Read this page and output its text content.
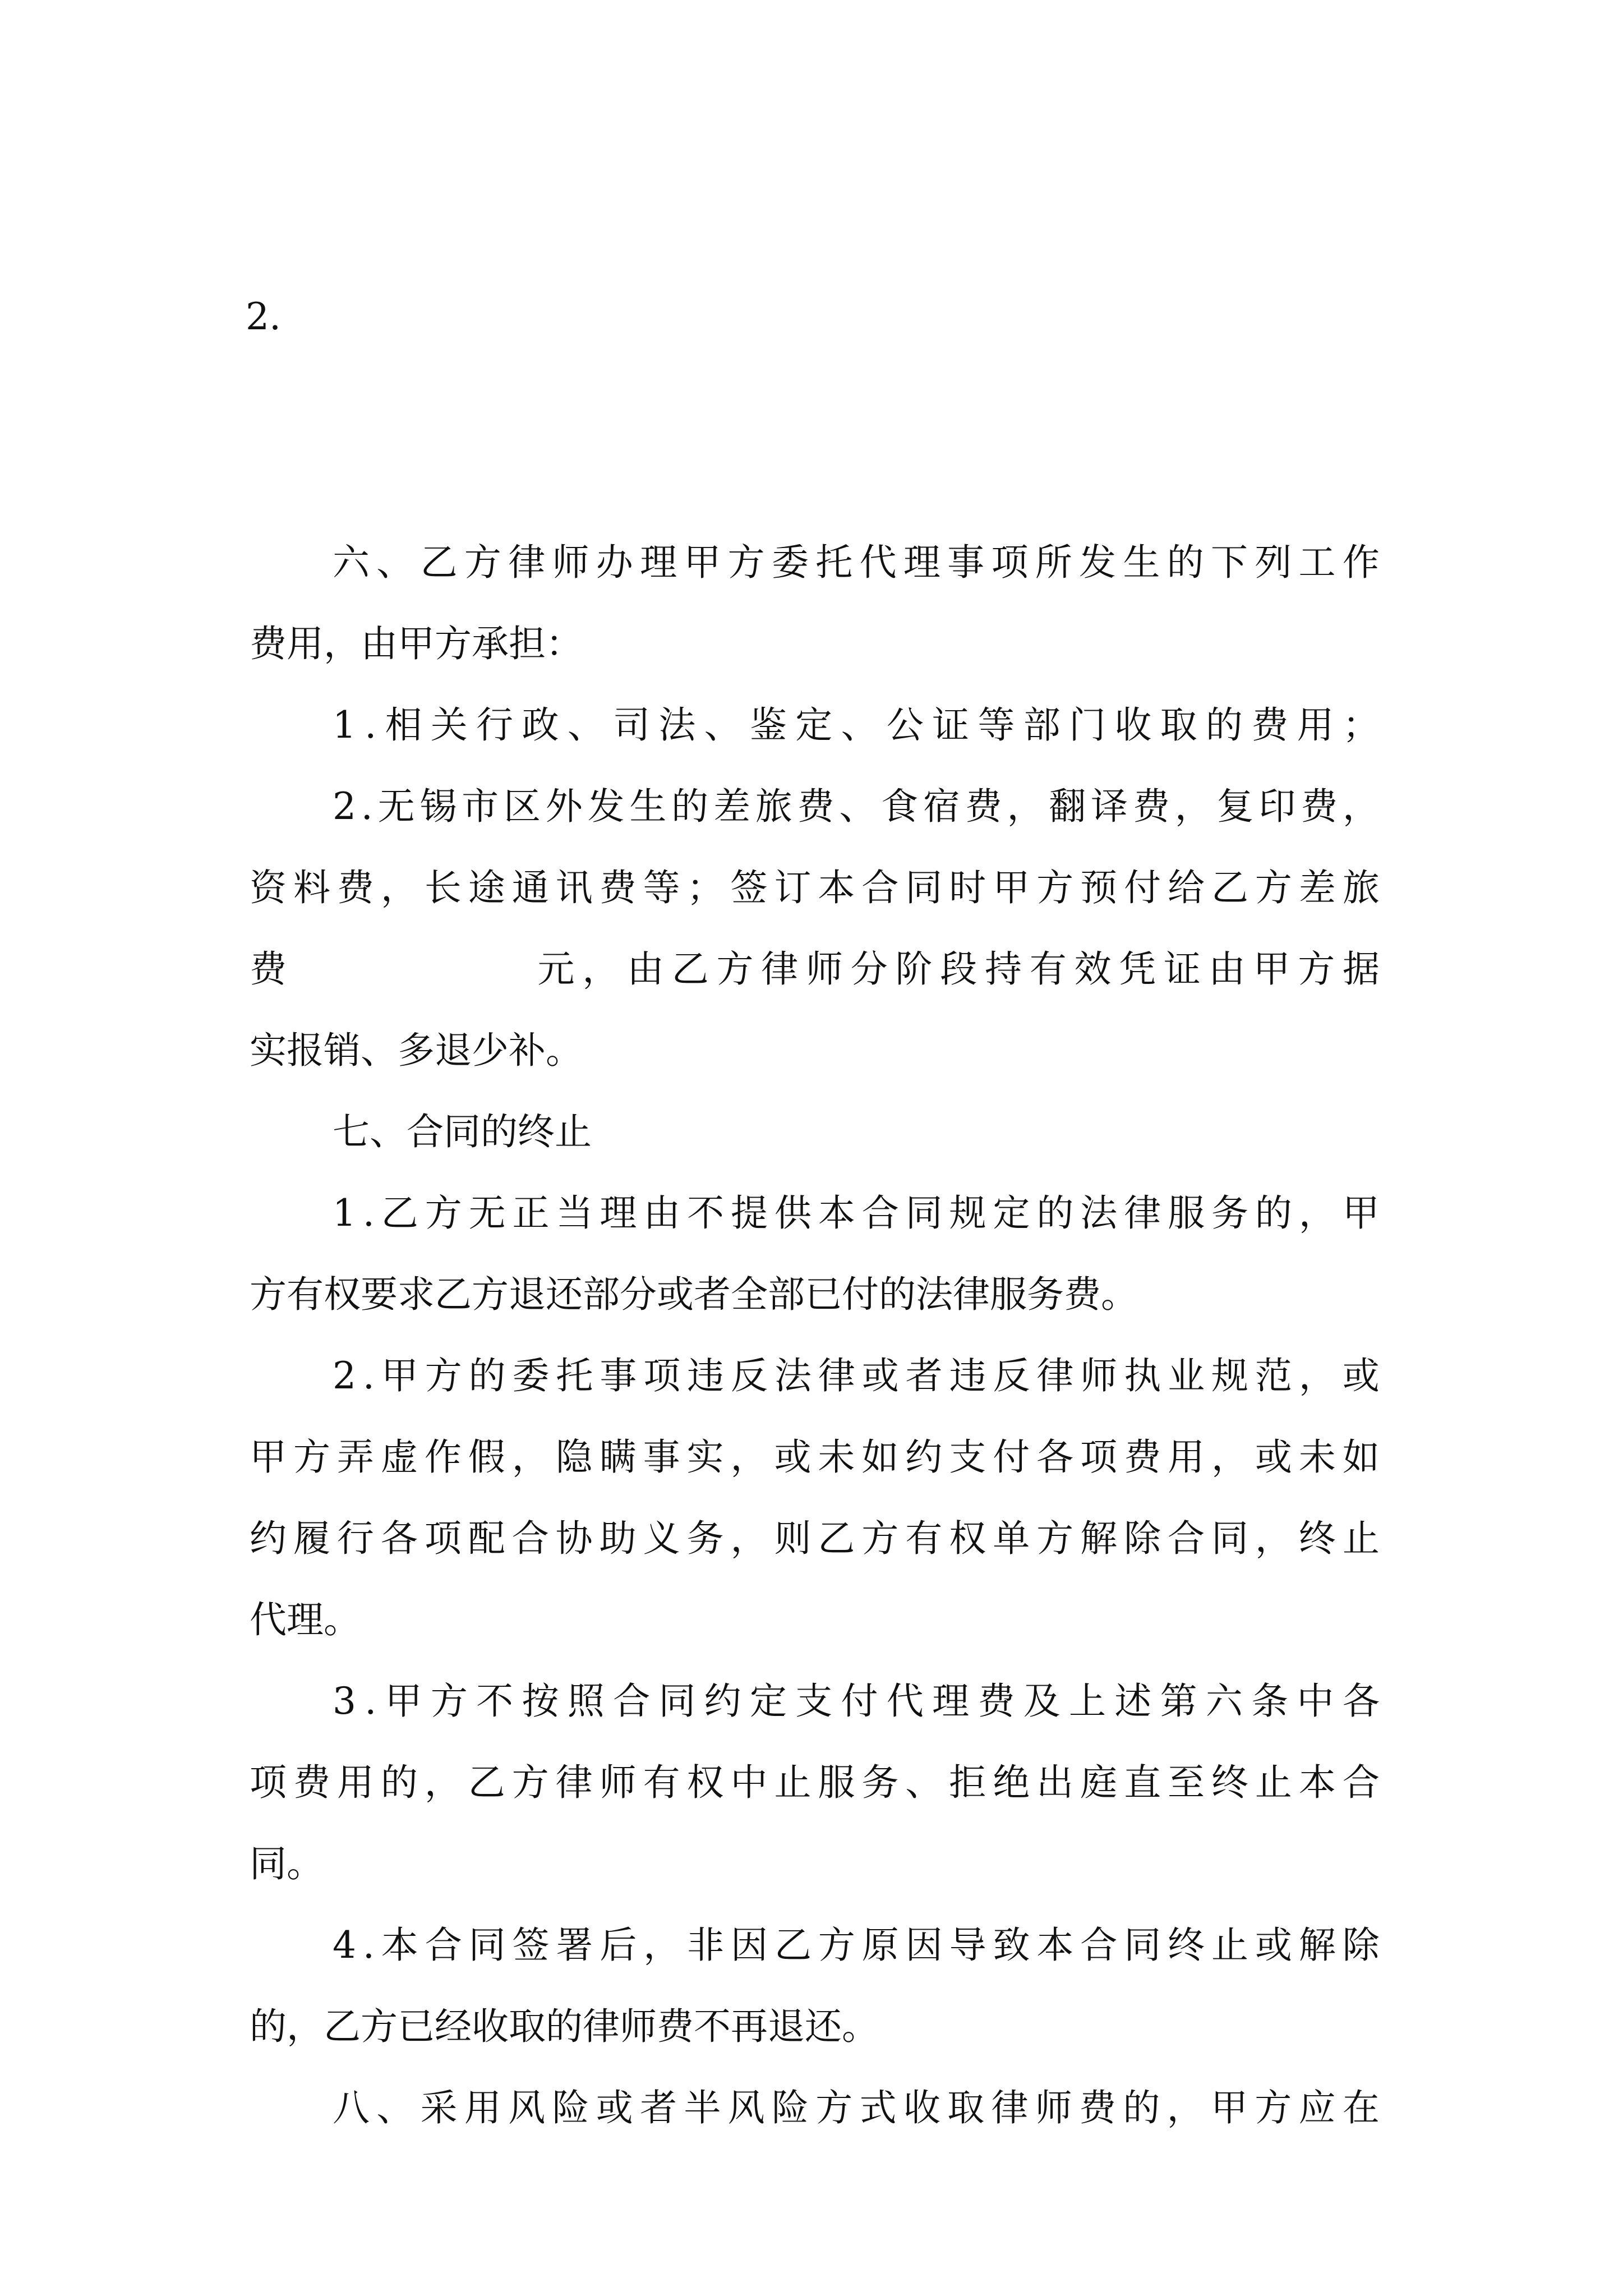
2.
六 、 乙 方 律 师 办 理 甲 方 委 托 代 理 事 项 所 发 生 的 下 列 工 作
费用，由甲方承担：
1 . 相 关 行 政 、 司 法 、 鉴 定 、 公 证 等 部 门 收 取 的 费 用 ；
2 . 无 锡 市 区 外 发 生 的 差 旅 费 、 食 宿 费 ， 翻 译 费 ， 复 印 费 ，
资 料 费 ， 长 途 通 讯 费 等 ； 签 订 本 合 同 时 甲 方 预 付 给 乙 方 差 旅
费	元 ， 由 乙 方 律 师 分 阶 段 持 有 效 凭 证 由 甲 方 据
实报销、多退少补。
七、合同的终止
1 . 乙 方 无 正 当 理 由 不 提 供 本 合 同 规 定 的 法 律 服 务 的 ， 甲
方有权要求乙方退还部分或者全部已付的法律服务费。
2 . 甲 方 的 委 托 事 项 违 反 法 律 或 者 违 反 律 师 执 业 规 范 ， 或
甲 方 弄 虚 作 假 ， 隐 瞒 事 实 ， 或 未 如 约 支 付 各 项 费 用 ， 或 未 如
约 履 行 各 项 配 合 协 助 义 务 ， 则 乙 方 有 权 单 方 解 除 合 同 ， 终 止
代理。
3 . 甲 方 不 按 照 合 同 约 定 支 付 代 理 费 及 上 述 第 六 条 中 各
项 费 用 的 ， 乙 方 律 师 有 权 中 止 服 务 、 拒 绝 出 庭 直 至 终 止 本 合
同。
4 . 本 合 同 签 署 后 ， 非 因 乙 方 原 因 导 致 本 合 同 终 止 或 解 除
的，乙方已经收取的律师费不再退还。
八 、 采 用 风 险 或 者 半 风 险 方 式 收 取 律 师 费 的 ， 甲 方 应 在
